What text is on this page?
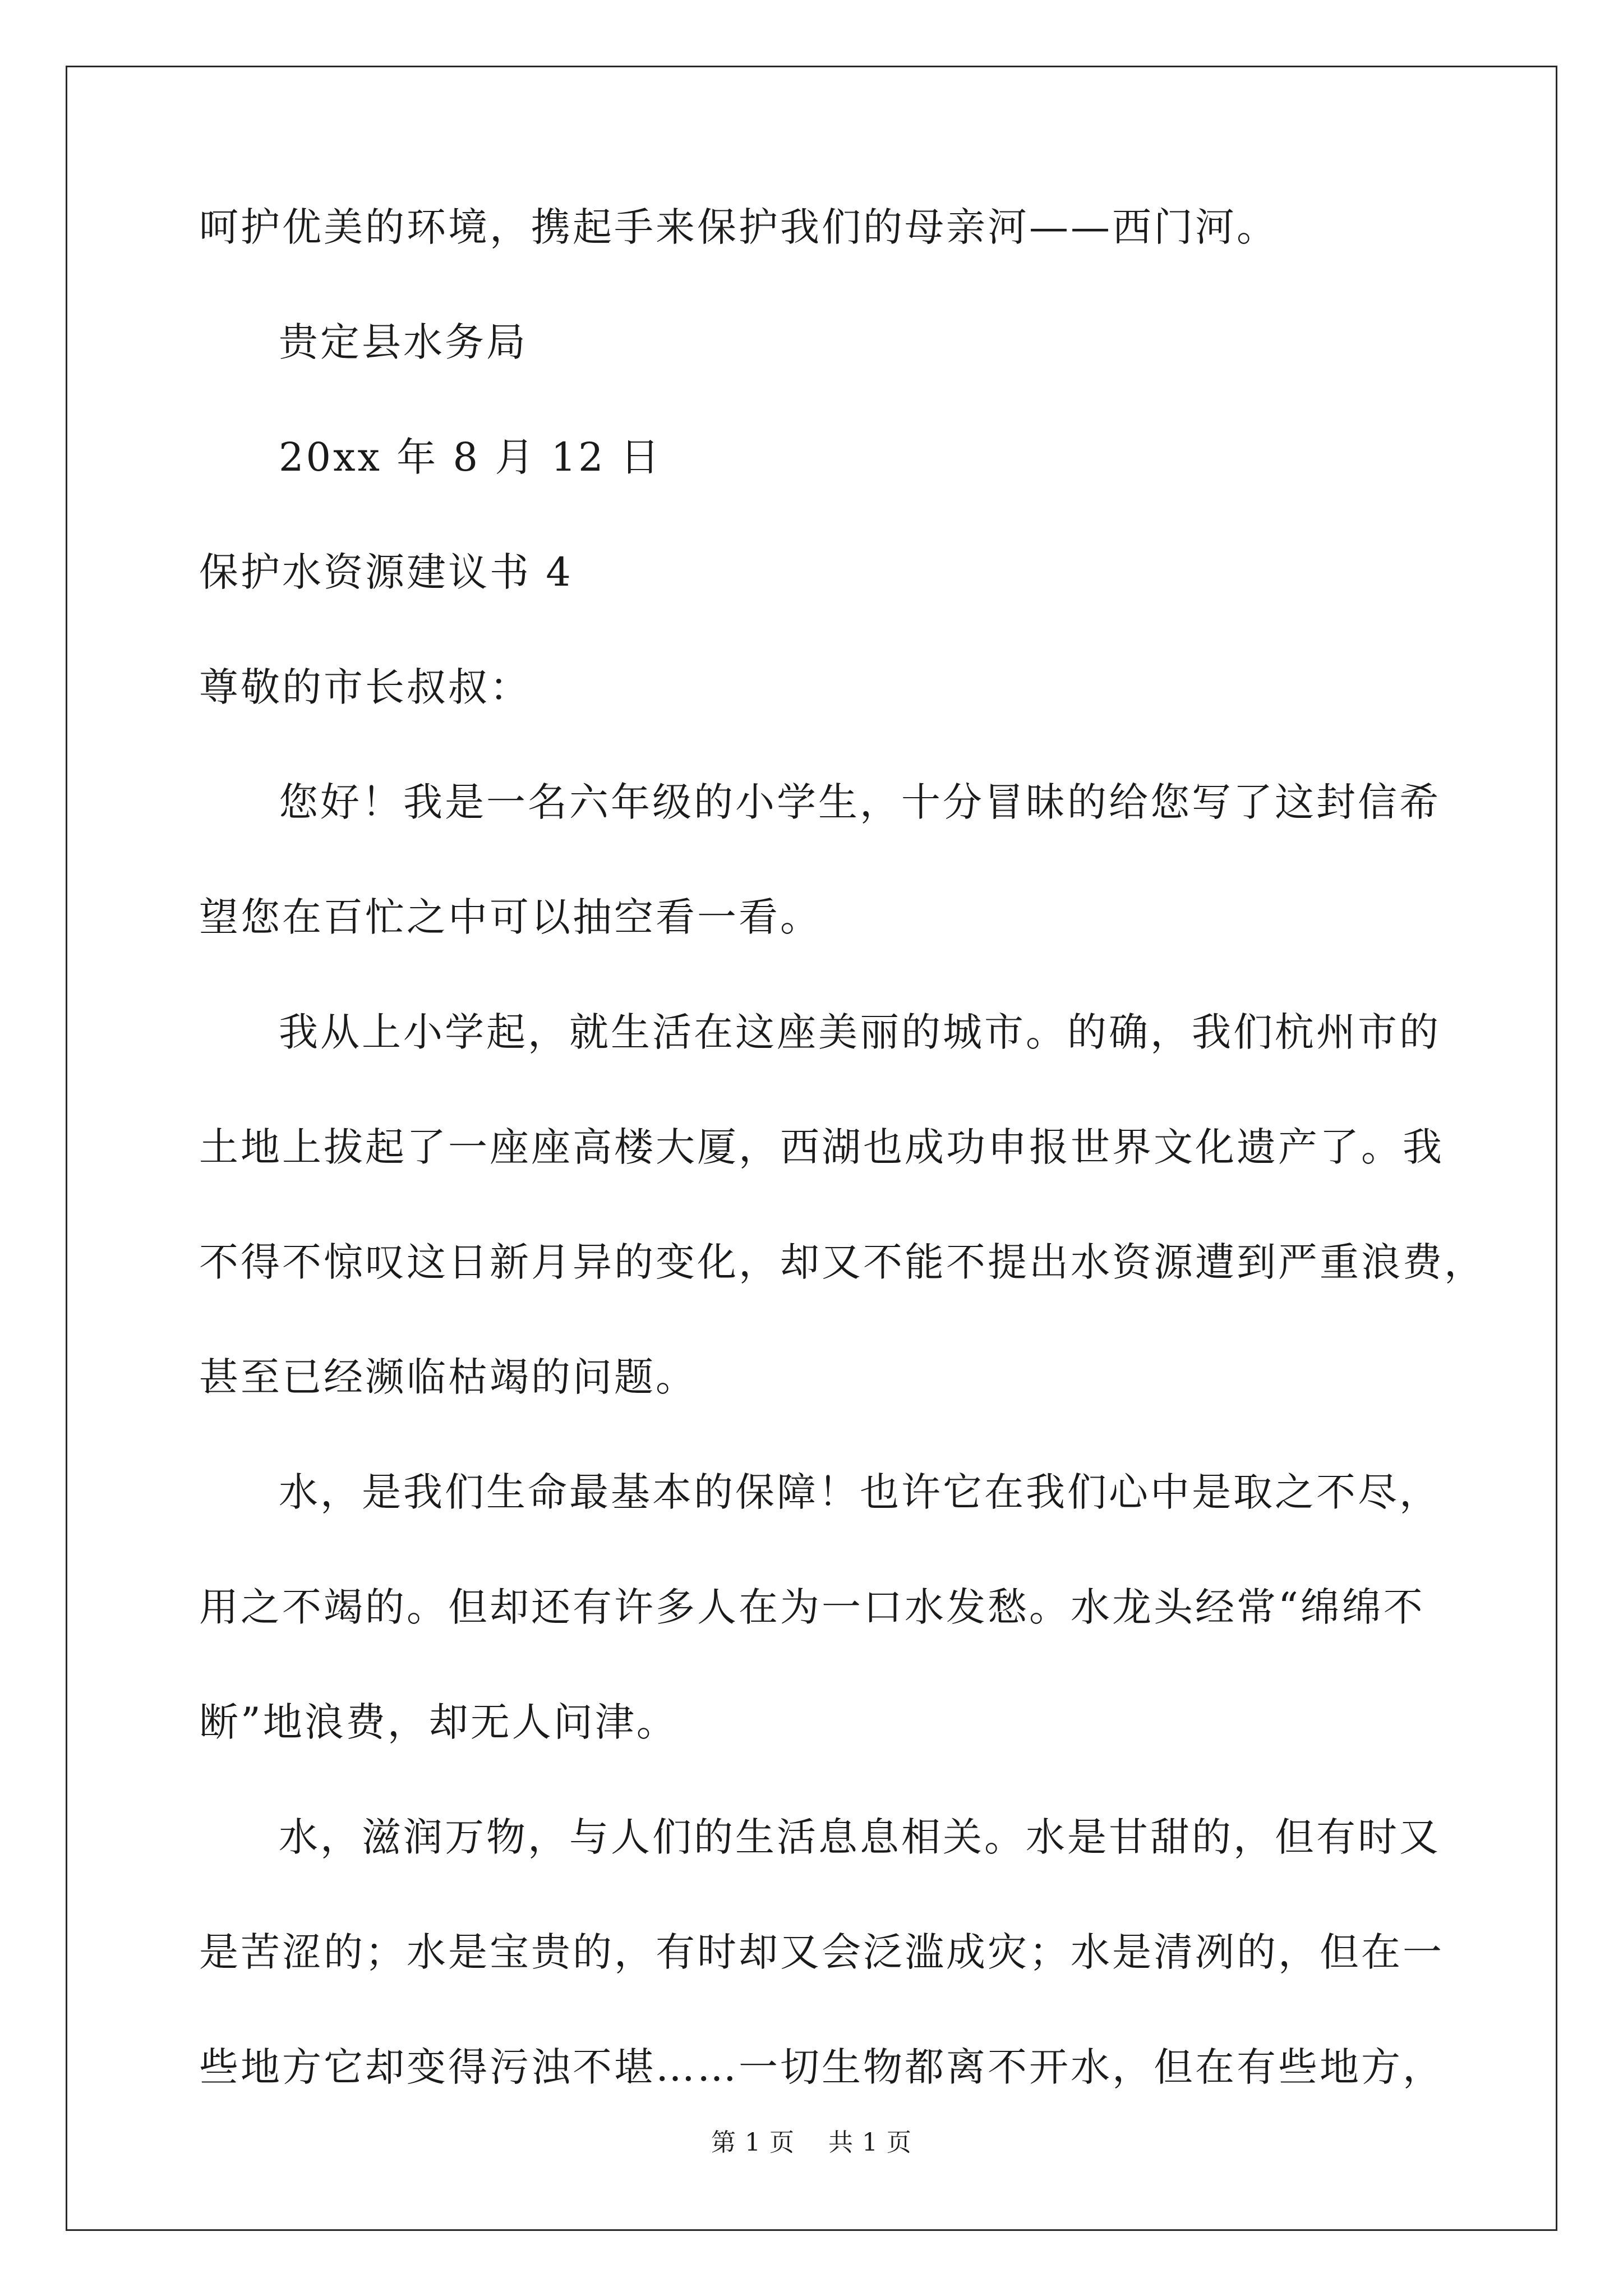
呵护优美的环境，携起手来保护我们的母亲河——西门河。
贵定县水务局
20xx 年 8 月 12 日
保护水资源建议书 4
尊敬的市长叔叔：
您好！我是一名六年级的小学生，十分冒昧的给您写了这封信希
望您在百忙之中可以抽空看一看。
我从上小学起，就生活在这座美丽的城市。的确，我们杭州市的
土地上拔起了一座座高楼大厦，西湖也成功申报世界文化遗产了。我
不得不惊叹这日新月异的变化，却又不能不提出水资源遭到严重浪费，
甚至已经濒临枯竭的问题。
水，是我们生命最基本的保障！也许它在我们心中是取之不尽，
用之不竭的。但却还有许多人在为一口水发愁。水龙头经常“绵绵不
断”地浪费，却无人问津。
水，滋润万物，与人们的生活息息相关。水是甘甜的，但有时又
是苦涩的；水是宝贵的，有时却又会泛滥成灾；水是清冽的，但在一
些地方它却变得污浊不堪……一切生物都离不开水，但在有些地方，
第 1 页    共 1 页
